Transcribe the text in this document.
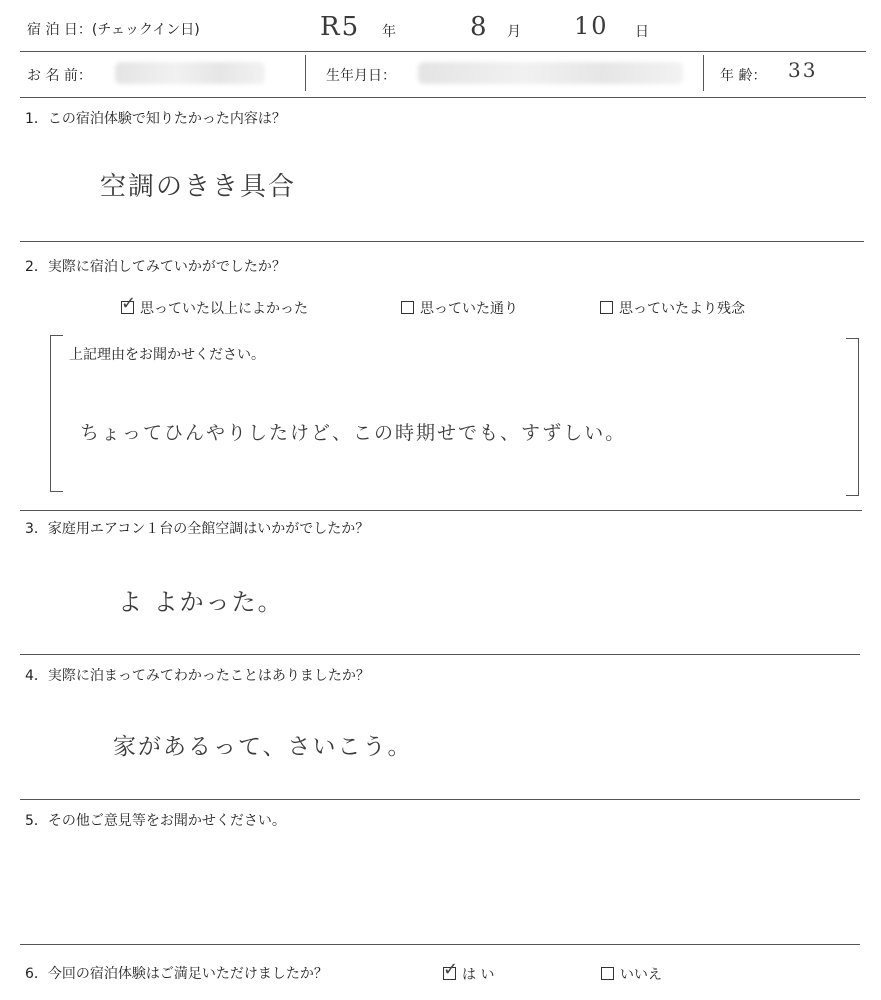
宿 泊 日：(チェックイン日)	R5 年	8 月 10 日
お 名 前：	生年月日：	年 齢： 33
1．この宿泊体験で知りたかった内容は？
空調のきき具合
2．実際に宿泊してみていかがでしたか？
✓ 思っていた以上によかった	思っていた通り	思っていたより残念
上記理由をお聞かせください。
ちょってひんやりしたけど、この時期せでも、すずしい。
3．家庭用エアコン１台の全館空調はいかがでしたか？
よ よかった。
4．実際に泊まってみてわかったことはありましたか？
家があるって、さいこう。
5．その他ご意見等をお聞かせください。
6．今回の宿泊体験はご満足いただけましたか？	✓ は い	いいえ
